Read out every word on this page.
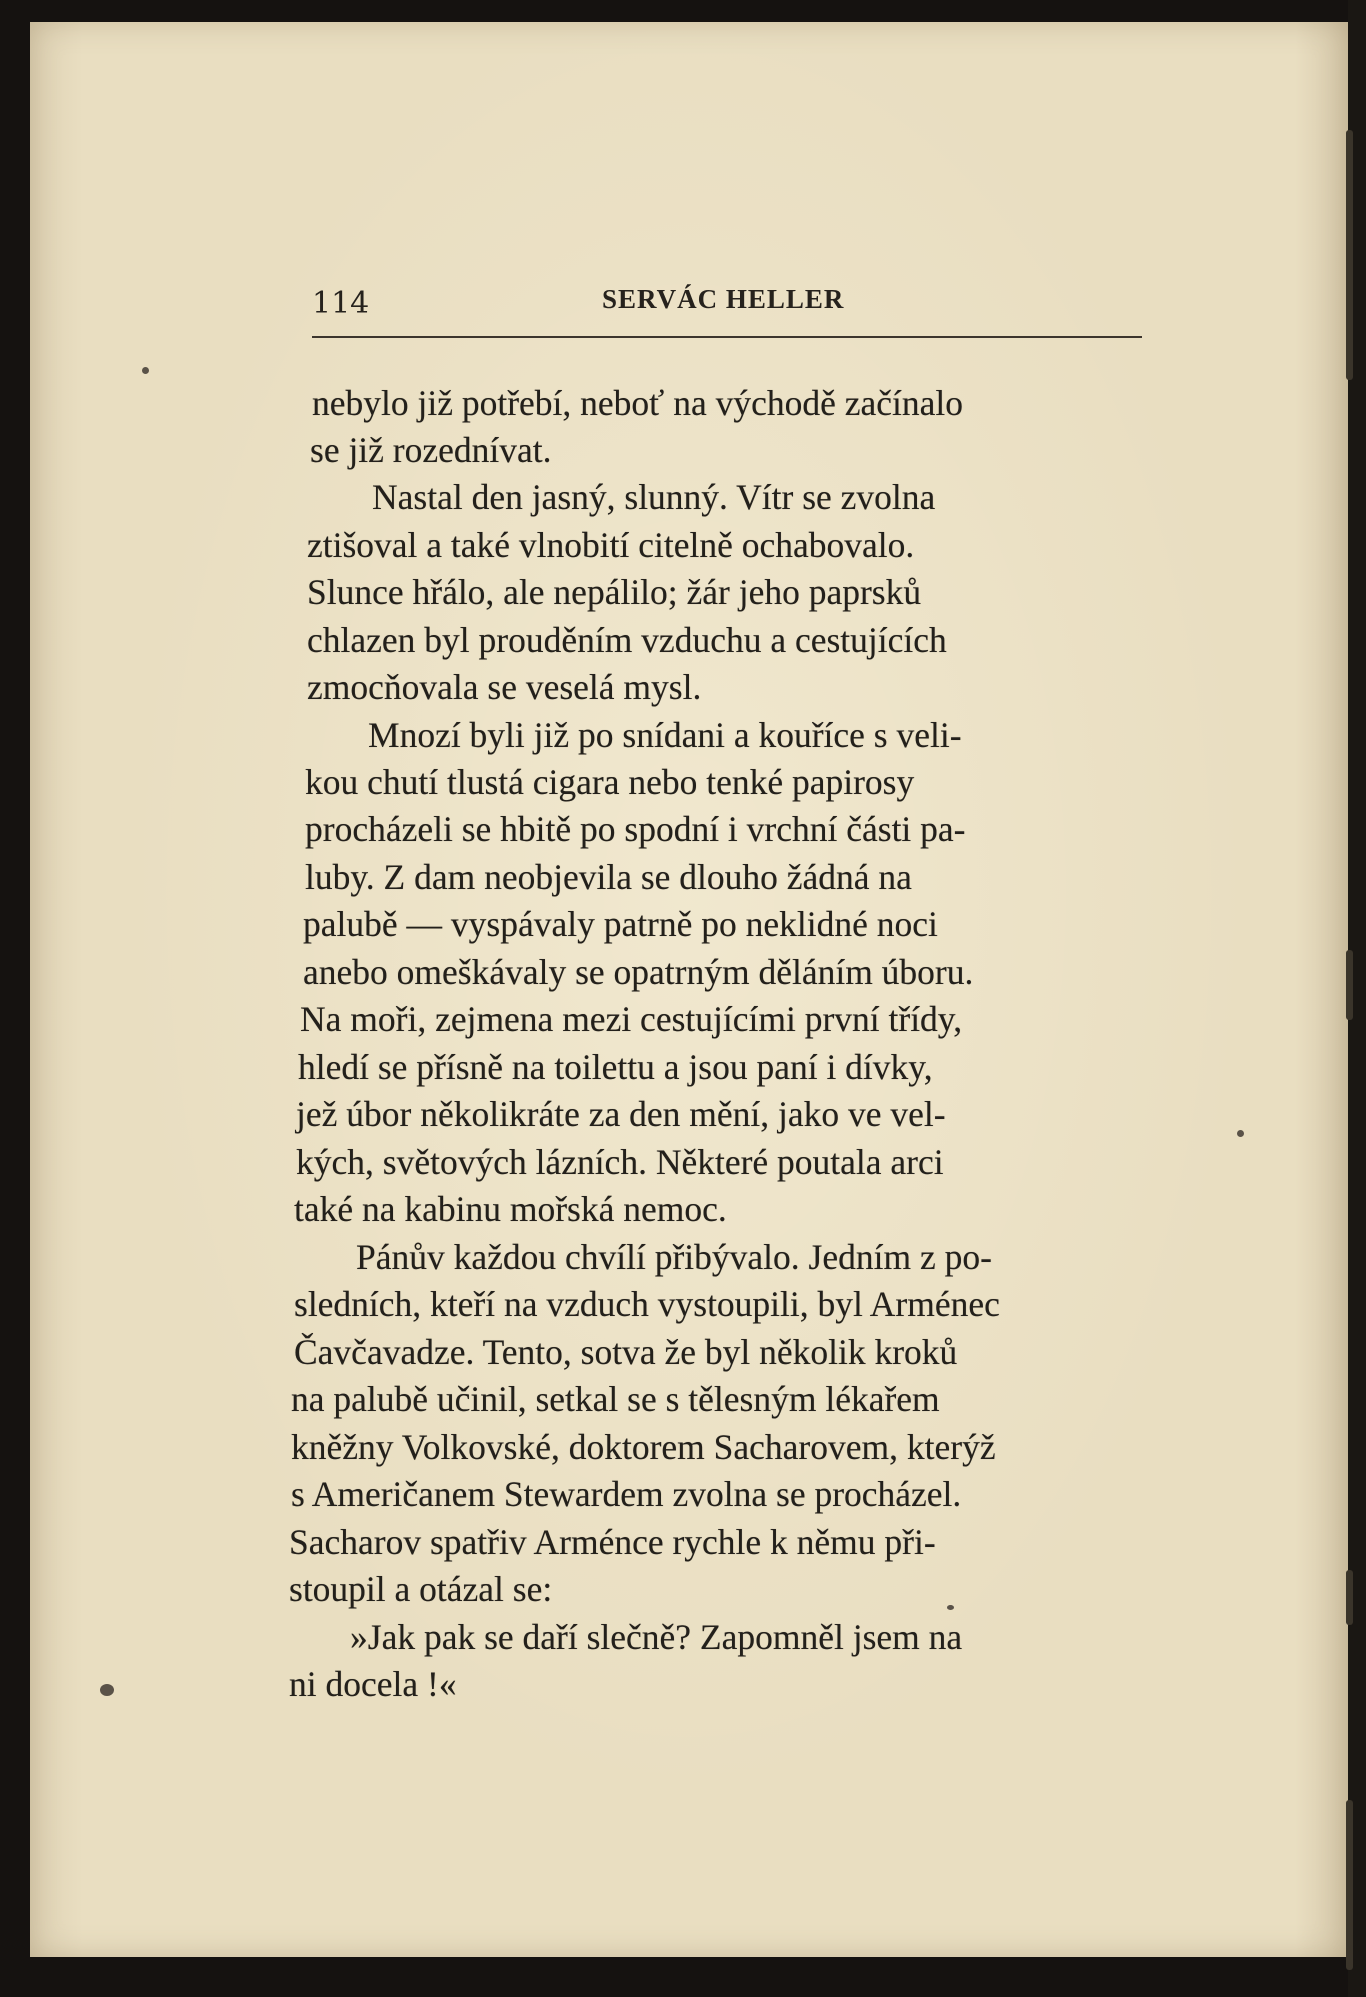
114	SERVÁC HELLER
nebylo již potřebí, neboť na východě začínalo
se již rozednívat.
Nastal den jasný, slunný. Vítr se zvolna
ztišoval a také vlnobití citelně ochabovalo.
Slunce hřálo, ale nepálilo; žár jeho paprsků
chlazen byl prouděním vzduchu a cestujících
zmocňovala se veselá mysl.
Mnozí byli již po snídani a kouříce s veli-
kou chutí tlustá cigara nebo tenké papirosy
procházeli se hbitě po spodní i vrchní části pa-
luby. Z dam neobjevila se dlouho žádná na
palubě — vyspávaly patrně po neklidné noci
anebo omeškávaly se opatrným děláním úboru.
Na moři, zejmena mezi cestujícími první třídy,
hledí se přísně na toilettu a jsou paní i dívky,
jež úbor několikráte za den mění, jako ve vel-
kých, světových lázních. Některé poutala arci
také na kabinu mořská nemoc.
Pánův každou chvílí přibývalo. Jedním z po-
sledních, kteří na vzduch vystoupili, byl Arménec
Čavčavadze. Tento, sotva že byl několik kroků
na palubě učinil, setkal se s tělesným lékařem
kněžny Volkovské, doktorem Sacharovem, kterýž
s Američanem Stewardem zvolna se procházel.
Sacharov spatřiv Arménce rychle k němu při-
stoupil a otázal se:
»Jak pak se daří slečně? Zapomněl jsem na
ni docela !«
